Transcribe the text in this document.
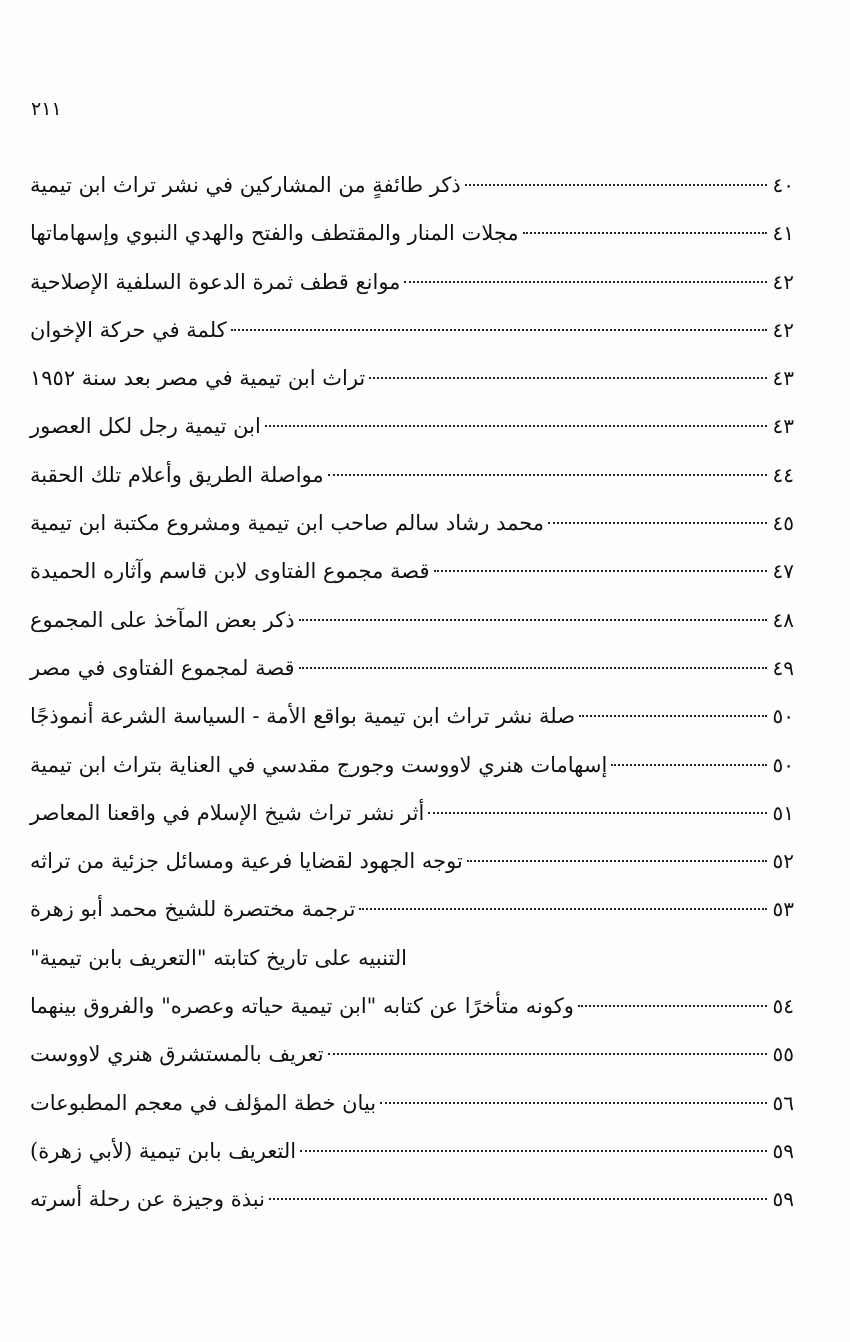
٢١١
ذكر طائفةٍ من المشاركين في نشر تراث ابن تيمية	٤٠
مجلات المنار والمقتطف والفتح والهدي النبوي وإسهاماتها	٤١
موانع قطف ثمرة الدعوة السلفية الإصلاحية	٤٢
كلمة في حركة الإخوان	٤٢
تراث ابن تيمية في مصر بعد سنة ١٩٥٢	٤٣
ابن تيمية رجل لكل العصور	٤٣
مواصلة الطريق وأعلام تلك الحقبة	٤٤
محمد رشاد سالم صاحب ابن تيمية ومشروع مكتبة ابن تيمية	٤٥
قصة مجموع الفتاوى لابن قاسم وآثاره الحميدة	٤٧
ذكر بعض المآخذ على المجموع	٤٨
قصة لمجموع الفتاوى في مصر	٤٩
صلة نشر تراث ابن تيمية بواقع الأمة - السياسة الشرعة أنموذجًا	٥٠
إسهامات هنري لاووست وجورج مقدسي في العناية بتراث ابن تيمية	٥٠
أثر نشر تراث شيخ الإسلام في واقعنا المعاصر	٥١
توجه الجهود لقضايا فرعية ومسائل جزئية من تراثه	٥٢
ترجمة مختصرة للشيخ محمد أبو زهرة	٥٣
التنبيه على تاريخ كتابته "التعريف بابن تيمية"
وكونه متأخرًا عن كتابه "ابن تيمية حياته وعصره" والفروق بينهما	٥٤
تعريف بالمستشرق هنري لاووست	٥٥
بيان خطة المؤلف في معجم المطبوعات	٥٦
التعريف بابن تيمية (لأبي زهرة)	٥٩
نبذة وجيزة عن رحلة أسرته	٥٩
